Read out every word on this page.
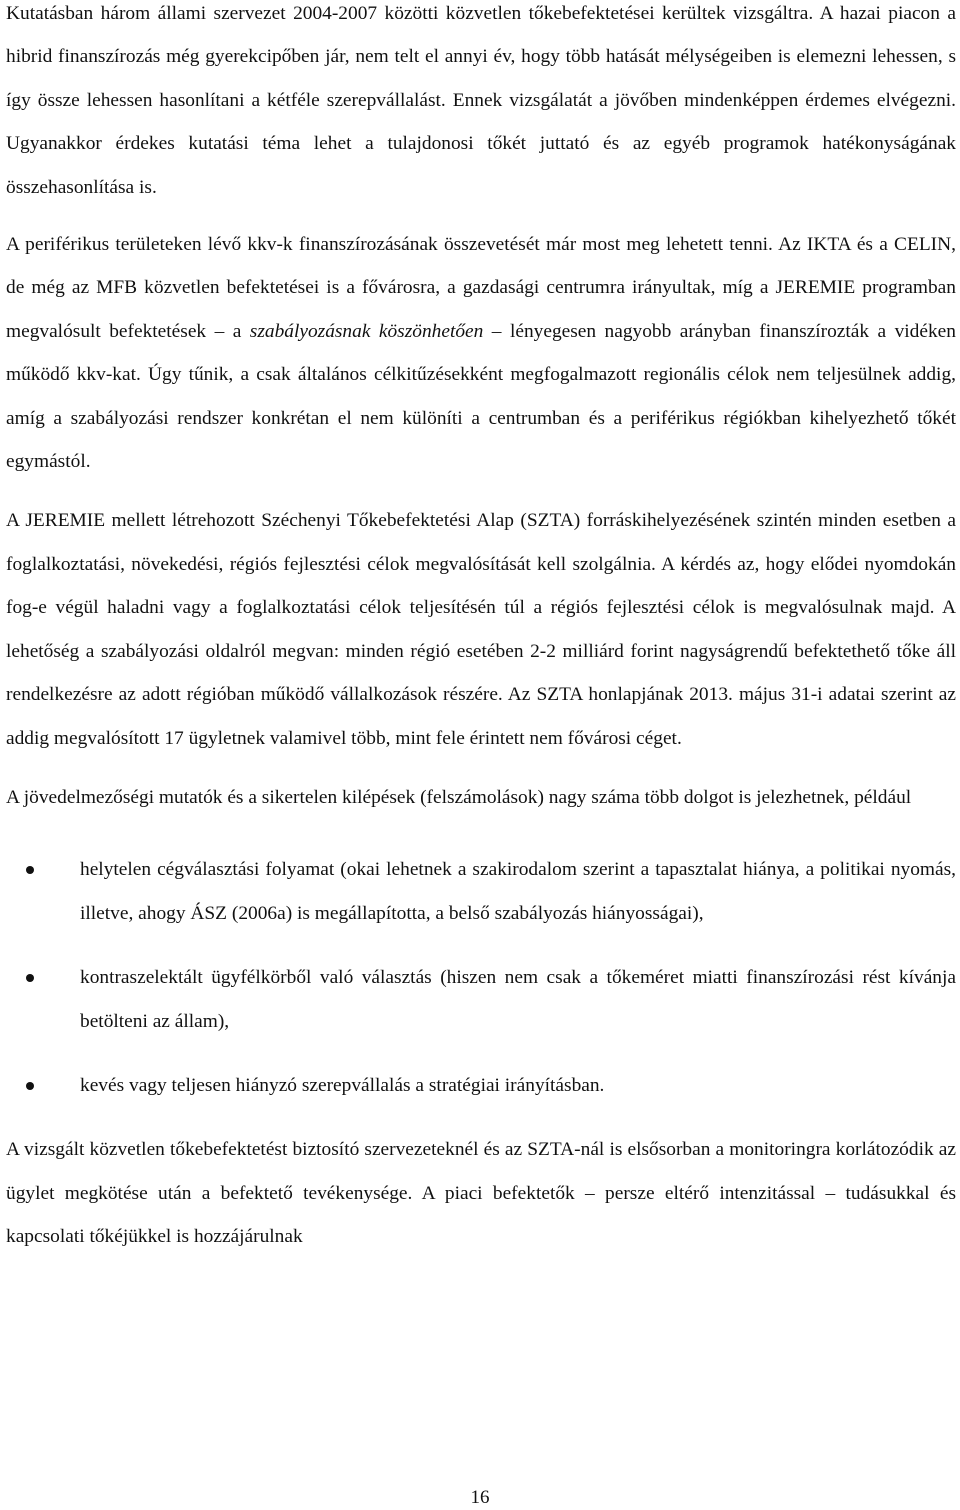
Kutatásban három állami szervezet 2004-2007 közötti közvetlen tőkebefektetései kerültek vizsgáltra. A hazai piacon a hibrid finanszírozás még gyerekcipőben jár, nem telt el annyi év, hogy több hatását mélységeiben is elemezni lehessen, s így össze lehessen hasonlítani a kétféle szerepvállalást. Ennek vizsgálatát a jövőben mindenképpen érdemes elvégezni. Ugyanakkor érdekes kutatási téma lehet a tulajdonosi tőkét juttató és az egyéb programok hatékonyságának összehasonlítása is.

A periférikus területeken lévő kkv-k finanszírozásának összevetését már most meg lehetett tenni. Az IKTA és a CELIN, de még az MFB közvetlen befektetései is a fővárosra, a gazdasági centrumra irányultak, míg a JEREMIE programban megvalósult befektetések – a szabályozásnak köszönhetően – lényegesen nagyobb arányban finanszírozták a vidéken működő kkv-kat. Úgy tűnik, a csak általános célkitűzésekként megfogalmazott regionális célok nem teljesülnek addig, amíg a szabályozási rendszer konkrétan el nem különíti a centrumban és a periférikus régiókban kihelyezhető tőkét egymástól.

A JEREMIE mellett létrehozott Széchenyi Tőkebefektetési Alap (SZTA) forráskihelyezésének szintén minden esetben a foglalkoztatási, növekedési, régiós fejlesztési célok megvalósítását kell szolgálnia. A kérdés az, hogy elődei nyomdokán fog-e végül haladni vagy a foglalkoztatási célok teljesítésén túl a régiós fejlesztési célok is megvalósulnak majd. A lehetőség a szabályozási oldalról megvan: minden régió esetében 2-2 milliárd forint nagyságrendű befektethető tőke áll rendelkezésre az adott régióban működő vállalkozások részére. Az SZTA honlapjának 2013. május 31-i adatai szerint az addig megvalósított 17 ügyletnek valamivel több, mint fele érintett nem fővárosi céget.

A jövedelmezőségi mutatók és a sikertelen kilépések (felszámolások) nagy száma több dolgot is jelezhetnek, például

helytelen cégválasztási folyamat (okai lehetnek a szakirodalom szerint a tapasztalat hiánya, a politikai nyomás, illetve, ahogy ÁSZ (2006a) is megállapította, a belső szabályozás hiányosságai),
kontraszelektált ügyfélkörből való választás (hiszen nem csak a tőkeméret miatti finanszírozási rést kívánja betölteni az állam),
kevés vagy teljesen hiányzó szerepvállalás a stratégiai irányításban.

A vizsgált közvetlen tőkebefektetést biztosító szervezeteknél és az SZTA-nál is elsősorban a monitoringra korlátozódik az ügylet megkötése után a befektető tevékenysége. A piaci befektetők – persze eltérő intenzitással – tudásukkal és kapcsolati tőkéjükkel is hozzájárulnak

16
